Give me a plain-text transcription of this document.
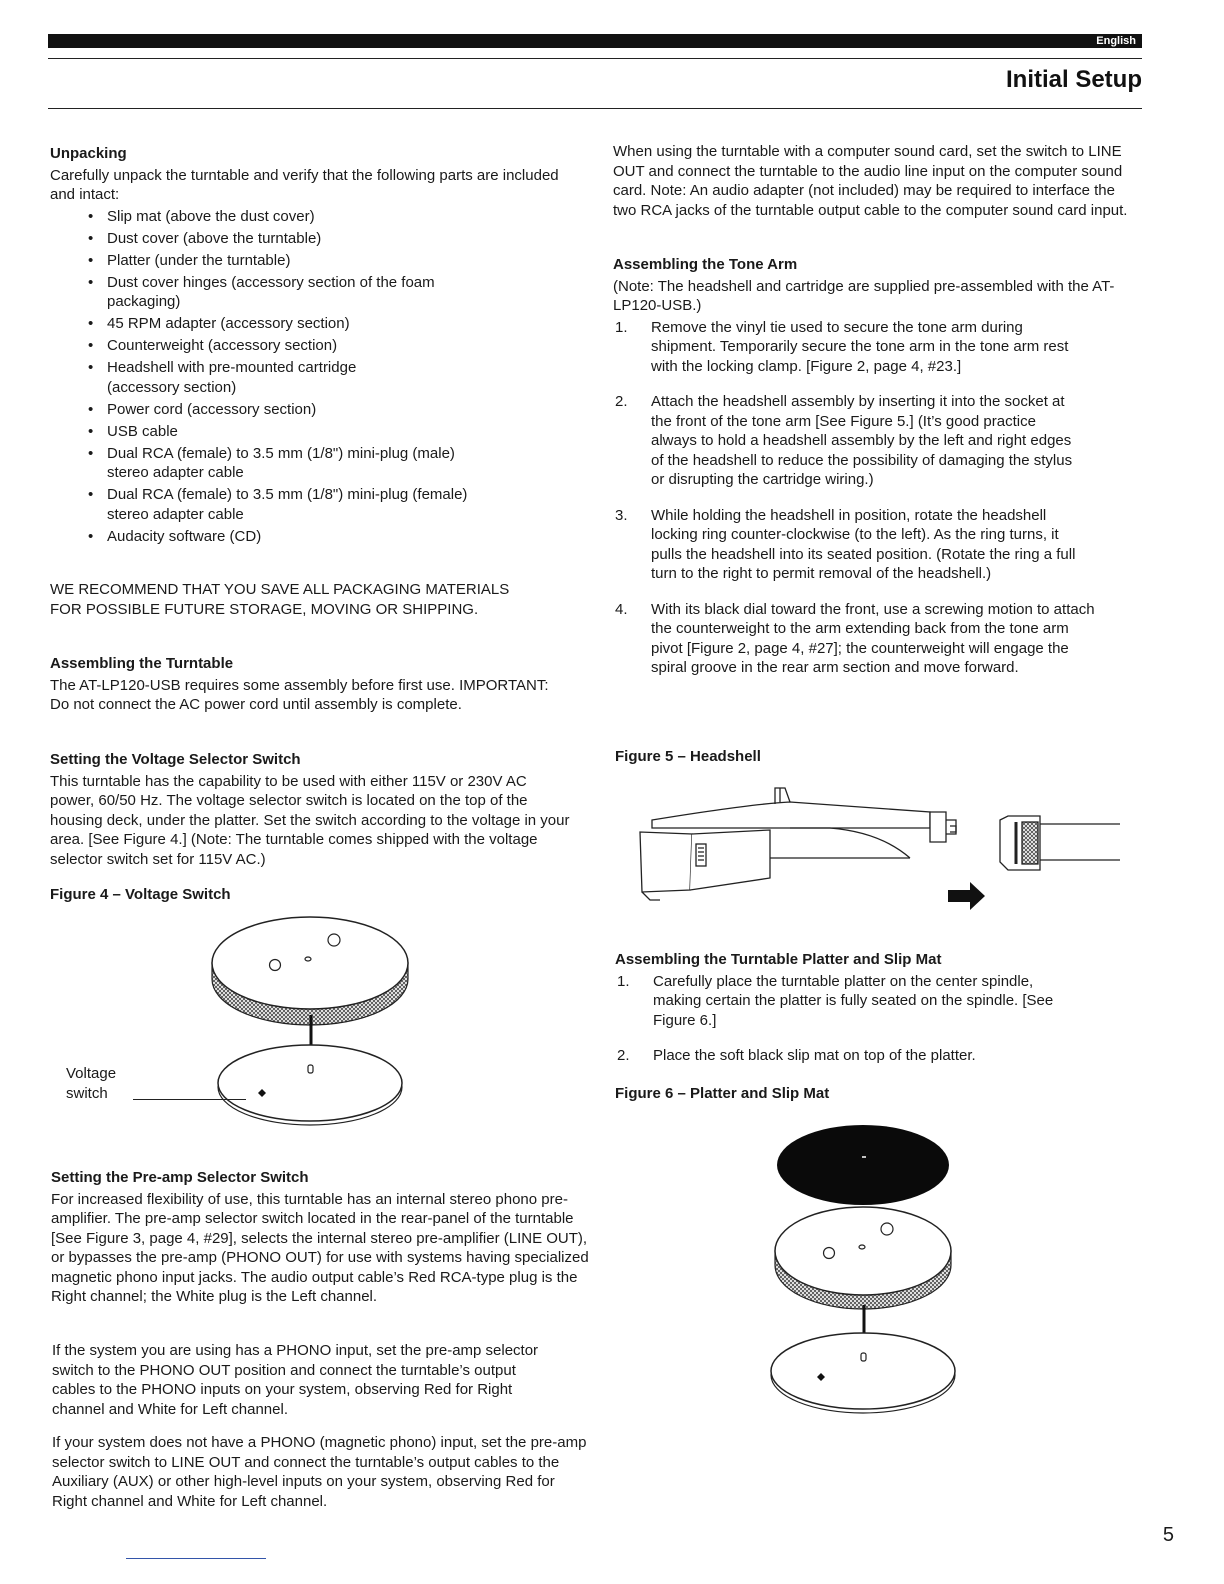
English
Initial Setup
Unpacking

Carefully unpack the turntable and verify that the following parts are included and intact:

• Slip mat (above the dust cover)
• Dust cover (above the turntable)
• Platter (under the turntable)
• Dust cover hinges (accessory section of the foam packaging)
• 45 RPM adapter (accessory section)
• Counterweight (accessory section)
• Headshell with pre-mounted cartridge (accessory section)
• Power cord (accessory section)
• USB cable
• Dual RCA (female) to 3.5 mm (1/8") mini-plug (male) stereo adapter cable
• Dual RCA (female) to 3.5 mm (1/8") mini-plug (female) stereo adapter cable
• Audacity software (CD)

WE RECOMMEND THAT YOU SAVE ALL PACKAGING MATERIALS FOR POSSIBLE FUTURE STORAGE, MOVING OR SHIPPING.

Assembling the Turntable

The AT-LP120-USB requires some assembly before first use. IMPORTANT: Do not connect the AC power cord until assembly is complete.

Setting the Voltage Selector Switch

This turntable has the capability to be used with either 115V or 230V AC power, 60/50 Hz. The voltage selector switch is located on the top of the housing deck, under the platter. Set the switch according to the voltage in your area. [See Figure 4.] (Note: The turntable comes shipped with the voltage selector switch set for 115V AC.)

Figure 4 – Voltage Switch
Voltage
switch
Setting the Pre-amp Selector Switch

For increased flexibility of use, this turntable has an internal stereo phono pre-amplifier. The pre-amp selector switch located in the rear-panel of the turntable [See Figure 3, page 4, #29], selects the internal stereo pre-amplifier (LINE OUT), or bypasses the pre-amp (PHONO OUT) for use with systems having specialized magnetic phono input jacks. The audio output cable’s Red RCA-type plug is the Right channel; the White plug is the Left channel.

If the system you are using has a PHONO input, set the pre-amp selector switch to the PHONO OUT position and connect the turntable’s output cables to the PHONO inputs on your system, observing Red for Right channel and White for Left channel.

If your system does not have a PHONO (magnetic phono) input, set the pre-amp selector switch to LINE OUT and connect the turntable’s output cables to the Auxiliary (AUX) or other high-level inputs on your system, observing Red for Right channel and White for Left channel.

When using the turntable with a computer sound card, set the switch to LINE OUT and connect the turntable to the audio line input on the computer sound card. Note: An audio adapter (not included) may be required to interface the two RCA jacks of the turntable output cable to the computer sound card input.

Assembling the Tone Arm

(Note: The headshell and cartridge are supplied pre-assembled with the AT-LP120-USB.)

1. Remove the vinyl tie used to secure the tone arm during shipment. Temporarily secure the tone arm in the tone arm rest with the locking clamp. [Figure 2, page 4, #23.]
2. Attach the headshell assembly by inserting it into the socket at the front of the tone arm [See Figure 5.] (It’s good practice always to hold a headshell assembly by the left and right edges of the headshell to reduce the possibility of damaging the stylus or disrupting the cartridge wiring.)
3. While holding the headshell in position, rotate the headshell locking ring counter-clockwise (to the left). As the ring turns, it pulls the headshell into its seated position. (Rotate the ring a full turn to the right to permit removal of the headshell.)
4. With its black dial toward the front, use a screwing motion to attach the counterweight to the arm extending back from the tone arm pivot [Figure 2, page 4, #27]; the counterweight will engage the spiral groove in the rear arm section and move forward.
Figure 5 – Headshell
Assembling the Turntable Platter and Slip Mat
1. Carefully place the turntable platter on the center spindle, making certain the platter is fully seated on the spindle. [See Figure 6.]
2. Place the soft black slip mat on top of the platter.
Figure 6 – Platter and Slip Mat
5
